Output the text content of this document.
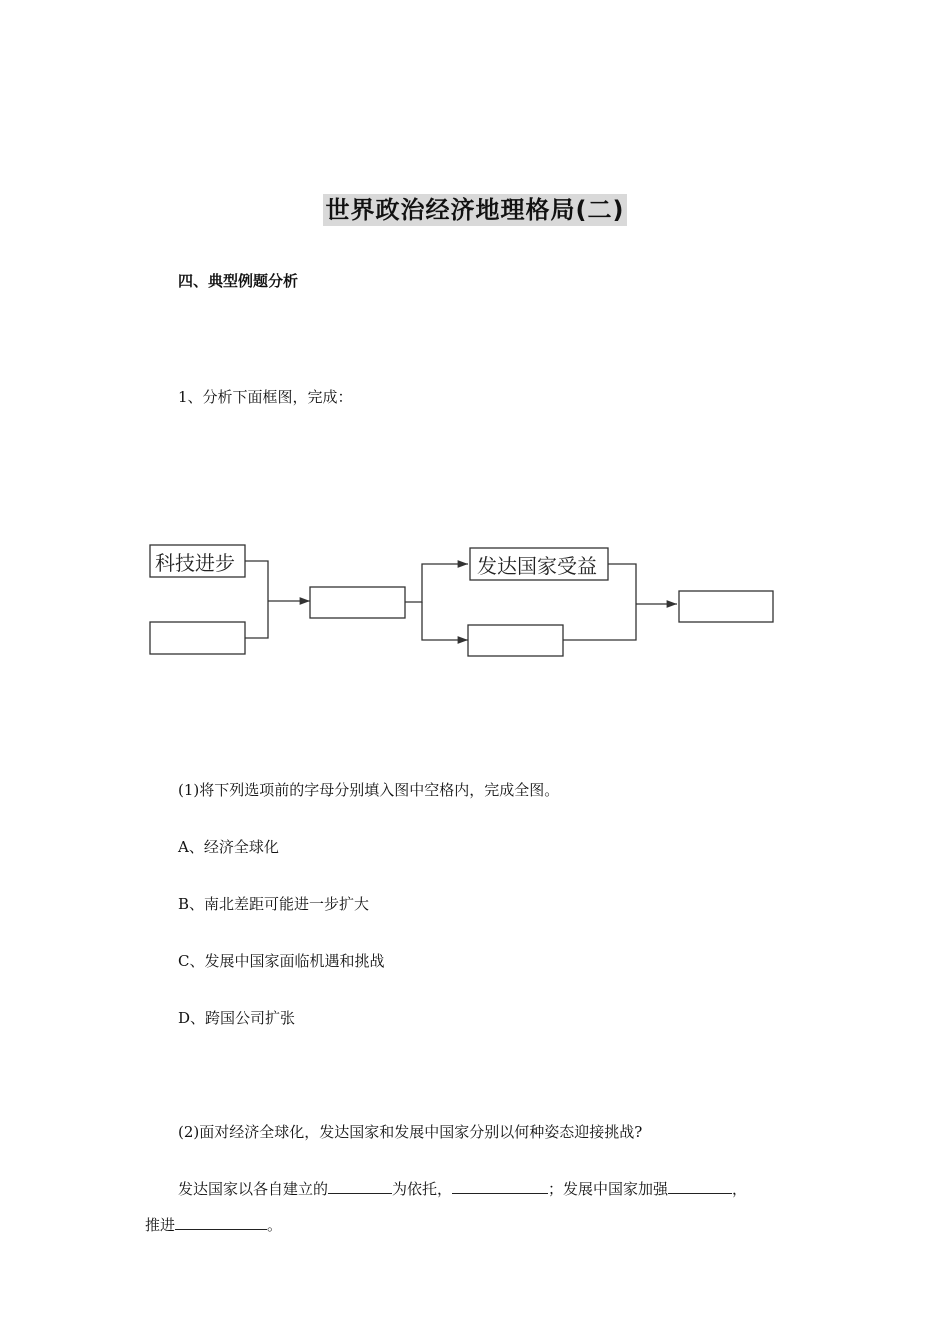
世界政治经济地理格局(二)
四、典型例题分析
1、分析下面框图，完成：
科技进步	发达国家受益
(1)将下列选项前的字母分别填入图中空格内，完成全图。
A、经济全球化
B、南北差距可能进一步扩大
C、发展中国家面临机遇和挑战
D、跨国公司扩张
(2)面对经济全球化，发达国家和发展中国家分别以何种姿态迎接挑战?
发达国家以各自建立的	为依托，	；发展中国家加强	，
推进	。
